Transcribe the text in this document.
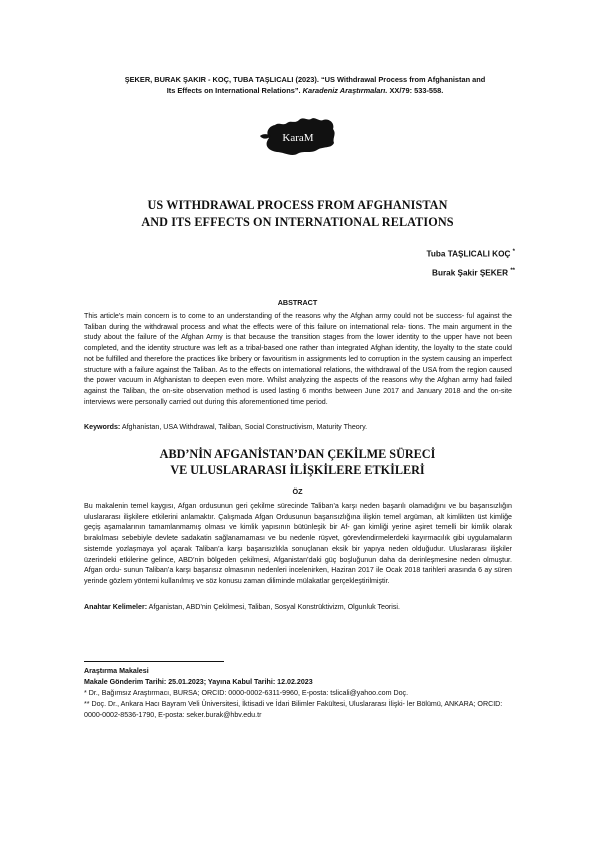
ŞEKER, BURAK ŞAKIR - KOÇ, TUBA TAŞLICALI (2023). “US Withdrawal Process from Afghanistan and
Its Effects on International Relations”. Karadeniz Araştırmaları. XX/79: 533-558.
KaraM
US WITHDRAWAL PROCESS FROM AFGHANISTAN
AND ITS EFFECTS ON INTERNATIONAL RELATIONS
Tuba TAŞLICALI KOÇ *
Burak Şakir ŞEKER **
ABSTRACT
This article's main concern is to come to an understanding of the reasons why the Afghan army could not be success- ful against the Taliban during the withdrawal process and what the effects were of this failure on international rela- tions. The main argument in the study about the failure of the Afghan Army is that because the transition stages from the lower identity to the upper have not been completed, and the identity structure was left as a tribal-based one rather than integrated Afghan identity, the loyalty to the state could not be fulfilled and therefore the practices like bribery or favouritism in assignments led to corruption in the system causing an imperfect structure with a failure against the Taliban. As to the effects on international relations, the withdrawal of the USA from the region caused the power vacuum in Afghanistan to deepen even more. Whilst analyzing the aspects of the reasons why the Afghan army had failed against the Taliban, the on-site observation method is used lasting 6 months between June 2017 and January 2018 and the on-site interviews were personally carried out during this aforementioned time period.
Keywords: Afghanistan, USA Withdrawal, Taliban, Social Constructivism, Maturity Theory.
ABD’NİN AFGANİSTAN’DAN ÇEKİLME SÜRECİ
VE ULUSLARARASI İLİŞKİLERE ETKİLERİ
ÖZ
Bu makalenin temel kaygısı, Afgan ordusunun geri çekilme sürecinde Taliban’a karşı neden başarılı olamadığını ve bu başarısızlığın uluslararası ilişkilere etkilerini anlamaktır. Çalışmada Afgan Ordusunun başarısızlığına ilişkin temel argüman, alt kimlikten üst kimliğe geçiş aşamalarının tamamlanmamış olması ve kimlik yapısının bütünleşik bir Af- gan kimliği yerine aşiret temelli bir kimlik olarak bırakılması sebebiyle devlete sadakatin sağlanamaması ve bu nedenle rüşvet, görevlendirmelerdeki kayırmacılık gibi uygulamaların sistemde yozlaşmaya yol açarak Taliban’a karşı başarısızlıkla sonuçlanan eksik bir yapıya neden olduğudur. Uluslararası ilişkiler üzerindeki etkilerine gelince, ABD’nin bölgeden çekilmesi, Afganistan’daki güç boşluğunun daha da derinleşmesine neden olmuştur. Afgan ordu- sunun Taliban’a karşı başarısız olmasının nedenleri incelenirken, Haziran 2017 ile Ocak 2018 tarihleri arasında 6 ay süren yerinde gözlem yöntemi kullanılmış ve söz konusu zaman diliminde mülakatlar gerçekleştirilmiştir.
Anahtar Kelimeler: Afganistan, ABD’nin Çekilmesi, Taliban, Sosyal Konstrüktivizm, Olgunluk Teorisi.
Araştırma Makalesi
Makale Gönderim Tarihi: 25.01.2023; Yayına Kabul Tarihi: 12.02.2023
* Dr., Bağımsız Araştırmacı, BURSA; ORCID: 0000-0002-6311-9960, E-posta: tslicali@yahoo.com Doç.
** Doç. Dr., Ankara Hacı Bayram Veli Üniversitesi, İktisadi ve İdari Bilimler Fakültesi, Uluslararası İlişki- ler Bölümü, ANKARA; ORCID: 0000-0002-8536-1790, E-posta: seker.burak@hbv.edu.tr
